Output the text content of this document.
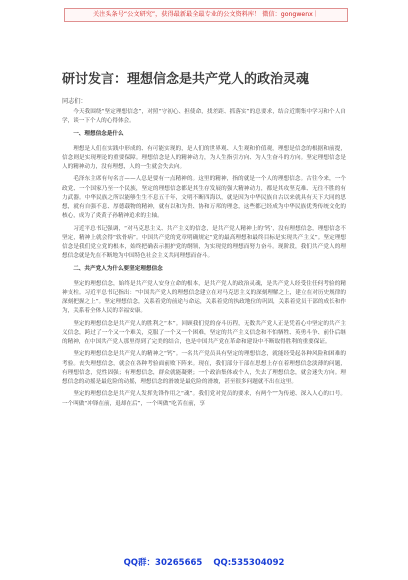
关注头条号“公文研究”，获得最新最全最专业的公文资料库！ 微信：gongwenx｜
研讨发言：理想信念是共产党人的政治灵魂
同志们：

今天我围绕“坚定理想信念”，对照“守初心、担使命，找差距、抓落实”的总要求，结合近期集中学习和个人自学，谈一下个人的心得体会。

一、理想信念是什么

理想是人们在实践中形成的、有可能实现的，是人们的世界观、人生观和价值观，理想是信念的根据和前提，信念则是实现理论的重要保障。理想信念是人的精神动力，为人生指引方向、为人生奋斗的方向。坚定理想信念是人的精神动力，没有理想，人的一生就会失去向。

毛泽东主席有句名言——人总是要有一点精神的。这里的精神，指的就是一个人的理想信念。古往今来，一个政党、一个国家乃至一个民族，坚定的理想信念都是其生存发展的强大精神动力，都是其攻坚克难、无往不胜的有力武器。中华民族之所以能够生生不息五千年，文明不断四海以，就是因为中华民族自古以来就具有天下大同的思想，就有自强不息、厚德载物的精神，就有以和为贵、协和万邦的理念，这些都已经成为中华民族优秀传统文化的核心，成为了炎黄子孙精神追求的主轴。

习近平总书记强调，“对马克思主义、共产主义的信念，是共产党人精神上的‘钙’，没有理想信念，理想信念不坚定，精神上就会得“软骨病”。中国共产党的党章明确规定“党的最高理想和最终目标是实现共产主义”。坚定理想信念是我们党立党的根本，始终把确表示拥护党的纲领，为实现党的理想而努力奋斗。现阶段，我们共产党人的理想信念就是先在不断地为中国特色社会主义共同理想而奋斗。

二、共产党人为什么要坚定理想信念

坚定的理想信念，始终是共产党人安身立命的根本，是共产党人的政治灵魂，是共产党人经受住任何考验的精神支柱。习近平总书记指出：“中国共产党人的理想信念建立在对马克思主义的深刻理解之上，建立在对历史规律的深刻把握之上”。坚定理想信念，关系着党的前途与命运，关系着党的执政地位的巩固，关系着党员干部的成长和作为，关系着全体人民的幸福安康。

坚定的理想信念是共产党人的胜利之“本”。回顾我们党的奋斗历程，无数共产党人正是凭着心中坚定的共产主义信念，跨过了一个又一个难关，克服了一个又一个困难，坚定的共产主义信念和不怕牺牲、英勇斗争、前仆后继的精神，在中国共产党人那里得到了完美的结合，也是中国共产党在革命和建设中不断取得胜利的重要保证。

坚定的理想信念是共产党人的精神之“钙”。一名共产党员具有坚定的理想信念，就能经受起各种风险和困难的考验。丧失理想信念，就会在各种考验面前败下阵来。现在，我们部分干部在思想上存在着理想信念淡薄的问题，有理想信念，党性固强；有理想信念，群众就能凝聚；一个政治集体或个人，失去了理想信念，就会迷失方向。理想信念的动摇是最危险的动摇，理想信念的滑坡是最危险的滑坡，甚至很多问题就不出在这里。

坚定的理想信念是共产党人发挥先锋作用之“魂”。我们党对党员的要求，有两个“”为传递、深入人心的口号。一个叫做“冲锋在前，退却在后”，一个叫做“吃苦在前，享

QQ群：30265665 QQ:535304092
